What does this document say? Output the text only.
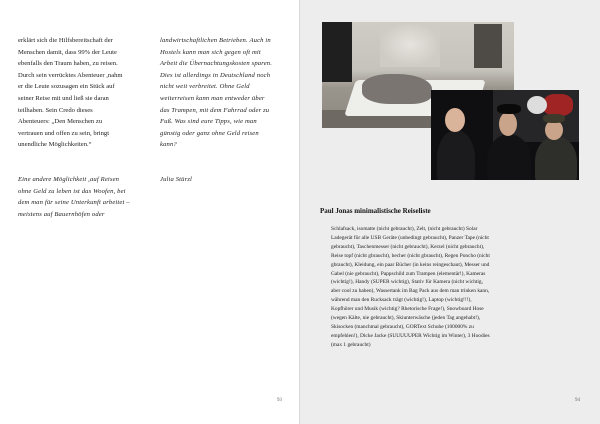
erklärt sich die Hilfsbereitschaft der

Menschen damit, dass 99% der Leute

ebenfalls den Traum haben, zu reisen.

Durch sein verrücktes Abenteuer ,nahm

er die Leute sozusagen ein Stück auf

seiner Reise mit und ließ sie daran

teilhaben. Sein Credo dieses

Abenteuers: „Den Menschen zu

vertrauen und offen zu sein, bringt

unendliche Möglichkeiten.“

Eine andere Möglichkeit ,auf Reisen

ohne Geld zu leben ist das Woofen, bei

dem man für seine Unterkunft arbeitet –

meistens auf Bauernhöfen oder

landwirtschaftlichen Betrieben. Auch in

Hostels kann man sich gegen oft mit

Arbeit die Übernachtungskosten sparen.

Dies ist allerdings in Deutschland noch

nicht weit verbreitet. Ohne Geld

weiterreisen kann man entweder über

das Trampen, mit dem Fahrrad oder zu

Fuß. Was sind eure Tipps, wie man

günstig oder ganz ohne Geld reisen

kann?

Julia Stürzl

93	94
Paul Jonas minimalistische Reiseliste
Schlafsack, isomatte (nicht gebraucht), Zelt, (nicht gebraucht) Solar
Ladegerät für alle USB Geräte (unbedingt gebraucht), Panzer Tape (nicht
gebraucht), Taschenmesser (nicht gebraucht), Kerzel (nicht gebraucht),
Reise topf (nicht gbraucht), becher (nicht gbraucht), Regen Poncho (nicht
gbraucht), Kleidung, ein paar Bücher (in keins reingeschaut), Messer und
Gabel (nie gebraucht), Pappschild zum Trampen (elementär!), Kameras
(wichtig!), Handy (SUPER wichtig), Stativ für Kamera (nicht wichtig,
aber cool zu haben), Wassertank im Bag Pack aus dem man trinken kann,
während man den Rucksack trägt (wichtig!), Laptop (wichtig!!!),
Kopfhörer und Musik (wichtig? Rhetorische Frage!), Snowboard Hose
(wegen Kälte, nie gebraucht), Skiunterwäsche (jeden Tag angehabt!),
Skisocken (manchmal gebraucht), GORText Schuhe (100000% zu
empfehlen!), Dicke Jacke (SUUUUUPER Wichtig im Winter), 3 Hoodies
(max 1 gebraucht)
